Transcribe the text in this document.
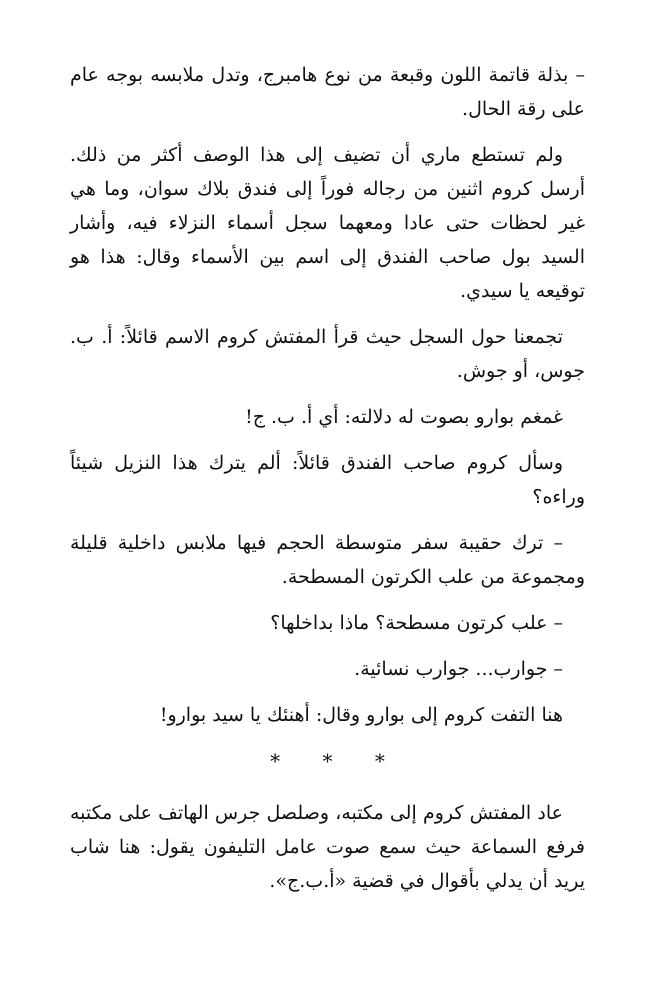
– بذلة قاتمة اللون وقبعة من نوع هامبرج، وتدل ملابسه بوجه عام على رقة الحال.

ولم تستطع ماري أن تضيف إلى هذا الوصف أكثر من ذلك. أرسل كروم اثنين من رجاله فوراً إلى فندق بلاك سوان، وما هي غير لحظات حتى عادا ومعهما سجل أسماء النزلاء فيه، وأشار السيد بول صاحب الفندق إلى اسم بين الأسماء وقال: هذا هو توقيعه يا سيدي.

تجمعنا حول السجل حيث قرأ المفتش كروم الاسم قائلاً: أ. ب. جوس، أو جوش.

غمغم بوارو بصوت له دلالته: أي أ. ب. ج!

وسأل كروم صاحب الفندق قائلاً: ألم يترك هذا النزيل شيئاً وراءه؟

– ترك حقيبة سفر متوسطة الحجم فيها ملابس داخلية قليلة ومجموعة من علب الكرتون المسطحة.

– علب كرتون مسطحة؟ ماذا بداخلها؟

– جوارب... جوارب نسائية.

هنا التفت كروم إلى بوارو وقال: أهنئك يا سيد بوارو!

* * *

عاد المفتش كروم إلى مكتبه، وصلصل جرس الهاتف على مكتبه فرفع السماعة حيث سمع صوت عامل التليفون يقول: هنا شاب يريد أن يدلي بأقوال في قضية «أ.ب.ج».
